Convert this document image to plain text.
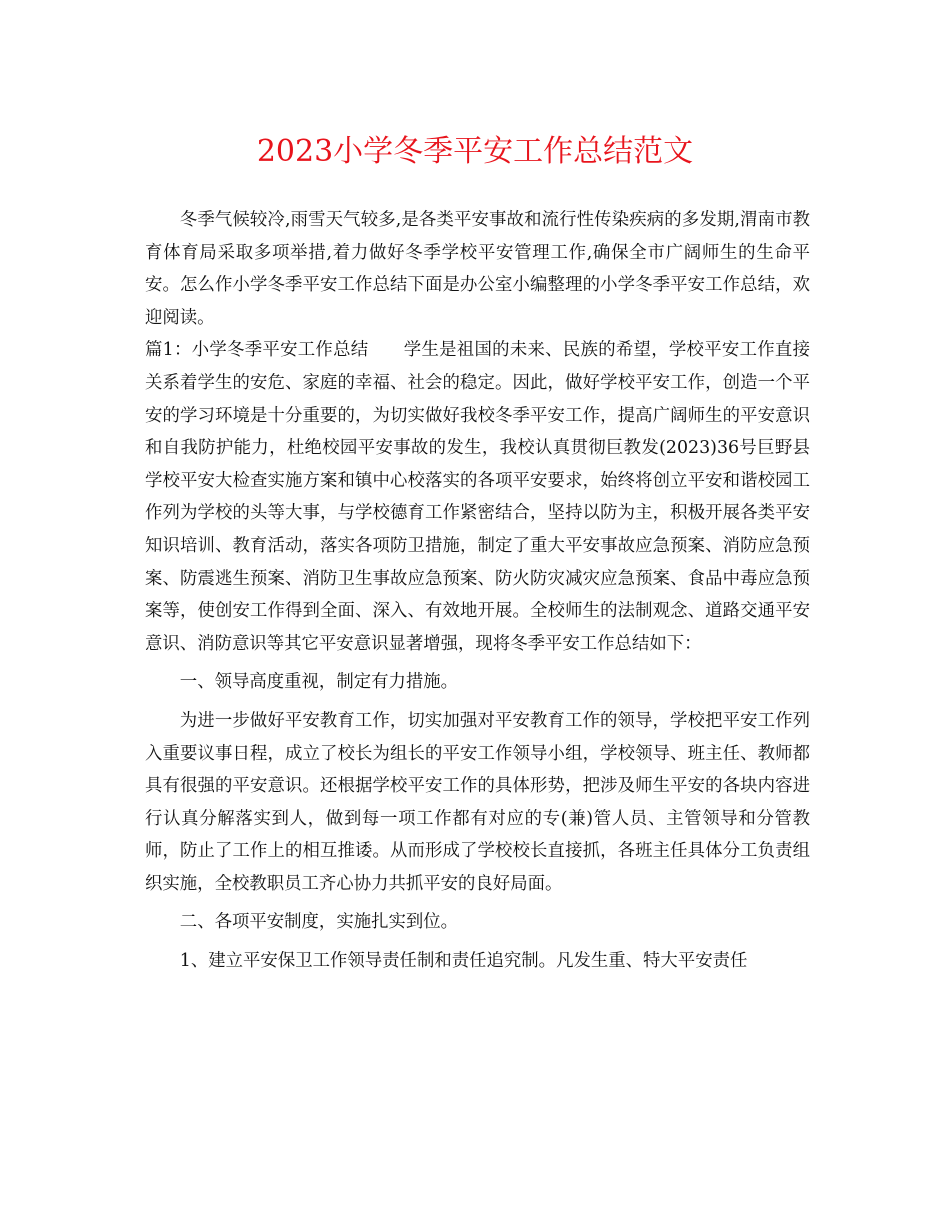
2023小学冬季平安工作总结范文

冬季气候较冷,雨雪天气较多,是各类平安事故和流行性传染疾病的多发期,渭南市教育体育局采取多项举措,着力做好冬季学校平安管理工作,确保全市广阔师生的生命平安。怎么作小学冬季平安工作总结下面是办公室小编整理的小学冬季平安工作总结，欢迎阅读。

篇1：小学冬季平安工作总结　　学生是祖国的未来、民族的希望，学校平安工作直接关系着学生的安危、家庭的幸福、社会的稳定。因此，做好学校平安工作，创造一个平安的学习环境是十分重要的，为切实做好我校冬季平安工作，提高广阔师生的平安意识和自我防护能力，杜绝校园平安事故的发生，我校认真贯彻巨教发(2023)36号巨野县学校平安大检查实施方案和镇中心校落实的各项平安要求，始终将创立平安和谐校园工作列为学校的头等大事，与学校德育工作紧密结合，坚持以防为主，积极开展各类平安知识培训、教育活动，落实各项防卫措施，制定了重大平安事故应急预案、消防应急预案、防震逃生预案、消防卫生事故应急预案、防火防灾减灾应急预案、食品中毒应急预案等，使创安工作得到全面、深入、有效地开展。全校师生的法制观念、道路交通平安意识、消防意识等其它平安意识显著增强，现将冬季平安工作总结如下：

一、领导高度重视，制定有力措施。

为进一步做好平安教育工作，切实加强对平安教育工作的领导，学校把平安工作列入重要议事日程，成立了校长为组长的平安工作领导小组，学校领导、班主任、教师都具有很强的平安意识。还根据学校平安工作的具体形势，把涉及师生平安的各块内容进行认真分解落实到人，做到每一项工作都有对应的专(兼)管人员、主管领导和分管教师，防止了工作上的相互推诿。从而形成了学校校长直接抓，各班主任具体分工负责组织实施，全校教职员工齐心协力共抓平安的良好局面。

二、各项平安制度，实施扎实到位。

1、建立平安保卫工作领导责任制和责任追究制。凡发生重、特大平安责任
